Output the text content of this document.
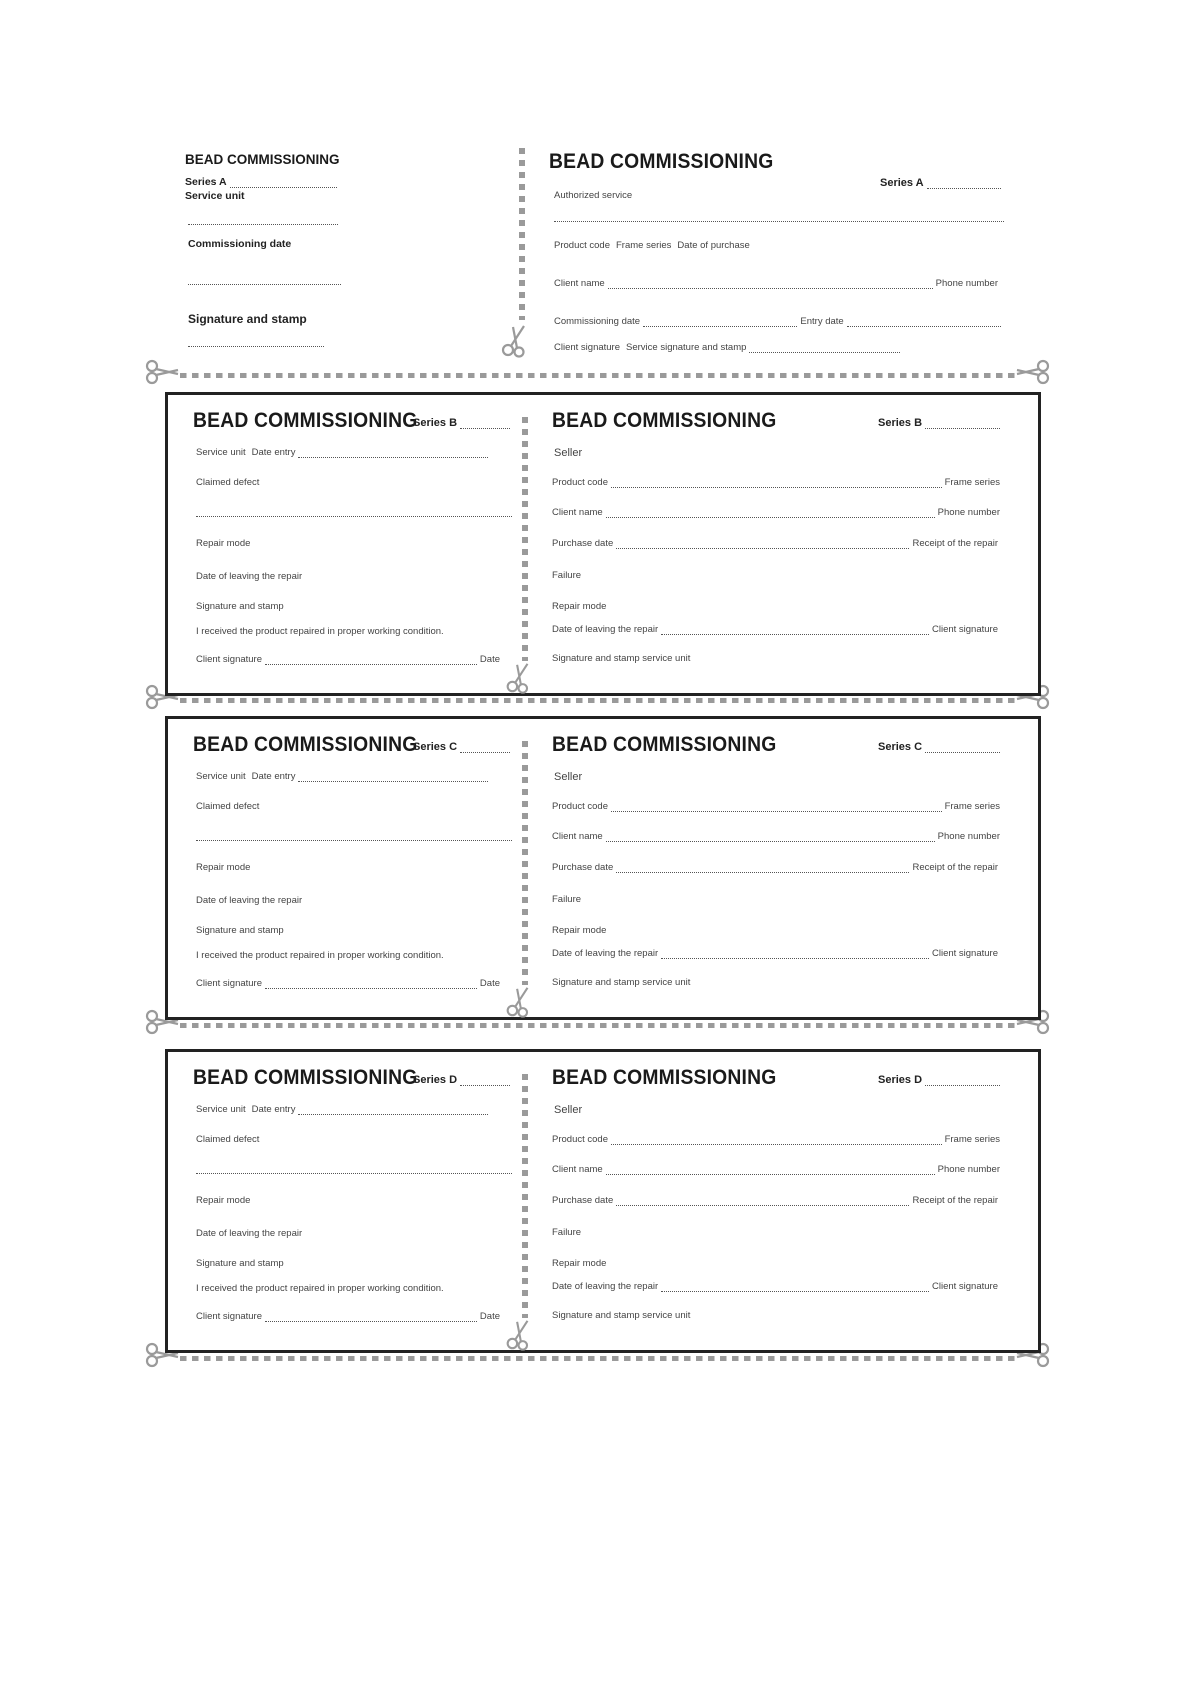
BEAD COMMISSIONING
Series A
Service unit
Commissioning date
Signature and stamp
BEAD COMMISSIONING
Series A
Authorized service
Product code Frame series Date of purchase
Client name	Phone number
Commissioning date	Entry date
Client signature Service signature and stamp
BEAD COMMISSIONING
Series B
Service unit Date entry
Claimed defect
Repair mode
Date of leaving the repair
Signature and stamp
I received the product repaired in proper working condition.
Client signature	Date
BEAD COMMISSIONING	Series B
Seller
Product code	Frame series
Client name	Phone number
Purchase date	Receipt of the repair
Failure
Repair mode
Date of leaving the repair	Client signature
Signature and stamp service unit
BEAD COMMISSIONING
Series C
Service unit Date entry
Claimed defect
Repair mode
Date of leaving the repair
Signature and stamp
I received the product repaired in proper working condition.
Client signature	Date
BEAD COMMISSIONING	Series C
Seller
Product code	Frame series
Client name	Phone number
Purchase date	Receipt of the repair
Failure
Repair mode
Date of leaving the repair	Client signature
Signature and stamp service unit
BEAD COMMISSIONING
Series D
Service unit Date entry
Claimed defect
Repair mode
Date of leaving the repair
Signature and stamp
I received the product repaired in proper working condition.
Client signature	Date
BEAD COMMISSIONING	Series D
Seller
Product code	Frame series
Client name	Phone number
Purchase date	Receipt of the repair
Failure
Repair mode
Date of leaving the repair	Client signature
Signature and stamp service unit
